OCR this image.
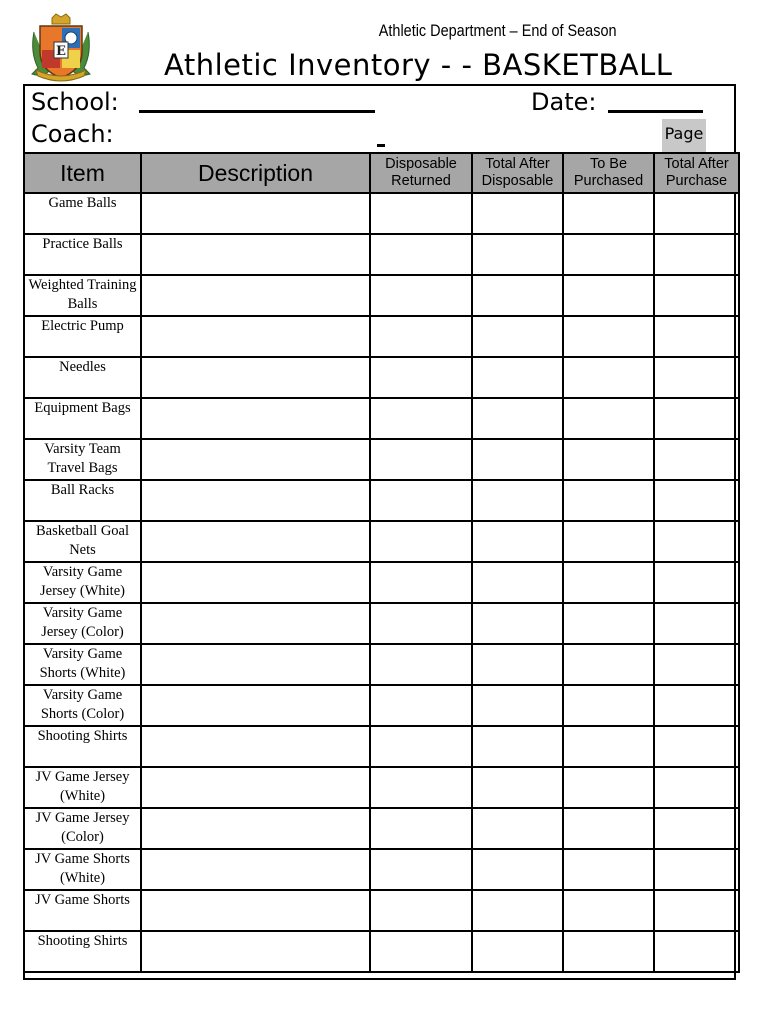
E
Athletic Department – End of Season
Athletic Inventory - - BASKETBALL
School:	Date:
Coach:	Page
Item	Description	Disposable Returned	Total After Disposable	To Be Purchased	Total After Purchase
Game Balls					
Practice Balls					
Weighted Training Balls					
Electric Pump					
Needles					
Equipment Bags					
Varsity Team Travel Bags					
Ball Racks					
Basketball Goal Nets					
Varsity Game Jersey (White)					
Varsity Game Jersey (Color)					
Varsity Game Shorts (White)					
Varsity Game Shorts (Color)					
Shooting Shirts					
JV Game Jersey (White)					
JV Game Jersey (Color)					
JV Game Shorts (White)					
JV Game Shorts					
Shooting Shirts					
